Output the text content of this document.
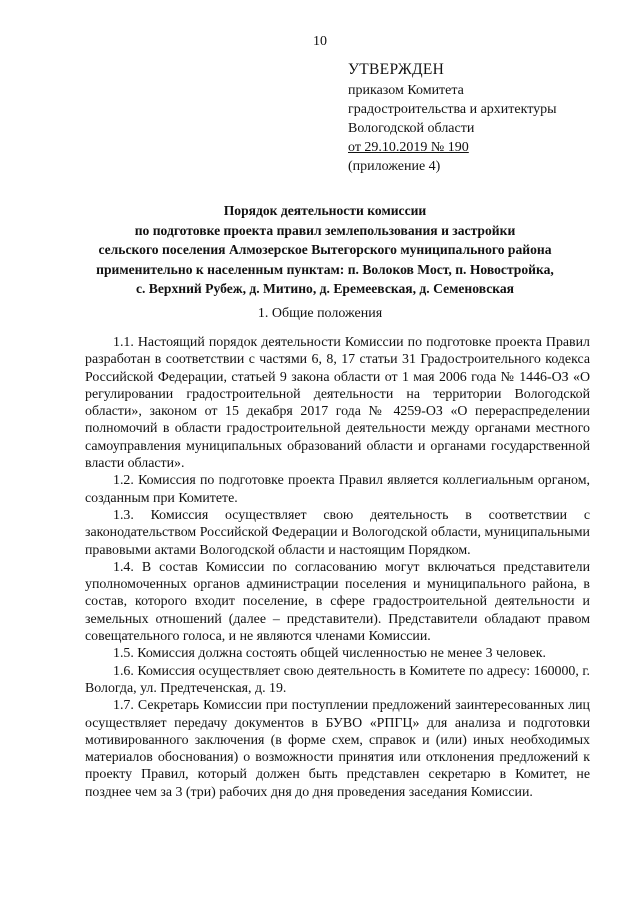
10
УТВЕРЖДЕН
приказом Комитета
градостроительства и архитектуры
Вологодской области
от 29.10.2019 № 190
(приложение 4)
Порядок деятельности комиссии
по подготовке проекта правил землепользования и застройки
сельского поселения Алмозерское Вытегорского муниципального района
применительно к населенным пунктам: п. Волоков Мост, п. Новостройка,
с. Верхний Рубеж, д. Митино, д. Еремеевская, д. Семеновская
1. Общие положения

1.1. Настоящий порядок деятельности Комиссии по подготовке проекта Правил разработан в соответствии с частями 6, 8, 17 статьи 31 Градостроительного кодекса Российской Федерации, статьей 9 закона области от 1 мая 2006 года № 1446-ОЗ «О регулировании градостроительной деятельности на территории Вологодской области», законом от 15 декабря 2017 года № 4259-ОЗ «О перераспределении полномочий в области градостроительной деятельности между органами местного самоуправления муниципальных образований области и органами государственной власти области».

1.2. Комиссия по подготовке проекта Правил является коллегиальным органом, созданным при Комитете.

1.3. Комиссия осуществляет свою деятельность в соответствии с законодательством Российской Федерации и Вологодской области, муниципальными правовыми актами Вологодской области и настоящим Порядком.

1.4. В состав Комиссии по согласованию могут включаться представители уполномоченных органов администрации поселения и муниципального района, в состав, которого входит поселение, в сфере градостроительной деятельности и земельных отношений (далее – представители). Представители обладают правом совещательного голоса, и не являются членами Комиссии.

1.5. Комиссия должна состоять общей численностью не менее 3 человек.

1.6. Комиссия осуществляет свою деятельность в Комитете по адресу: 160000, г. Вологда, ул. Предтеченская, д. 19.

1.7. Секретарь Комиссии при поступлении предложений заинтересованных лиц осуществляет передачу документов в БУВО «РПГЦ» для анализа и подготовки мотивированного заключения (в форме схем, справок и (или) иных необходимых материалов обоснования) о возможности принятия или отклонения предложений к проекту Правил, который должен быть представлен секретарю в Комитет, не позднее чем за 3 (три) рабочих дня до дня проведения заседания Комиссии.
